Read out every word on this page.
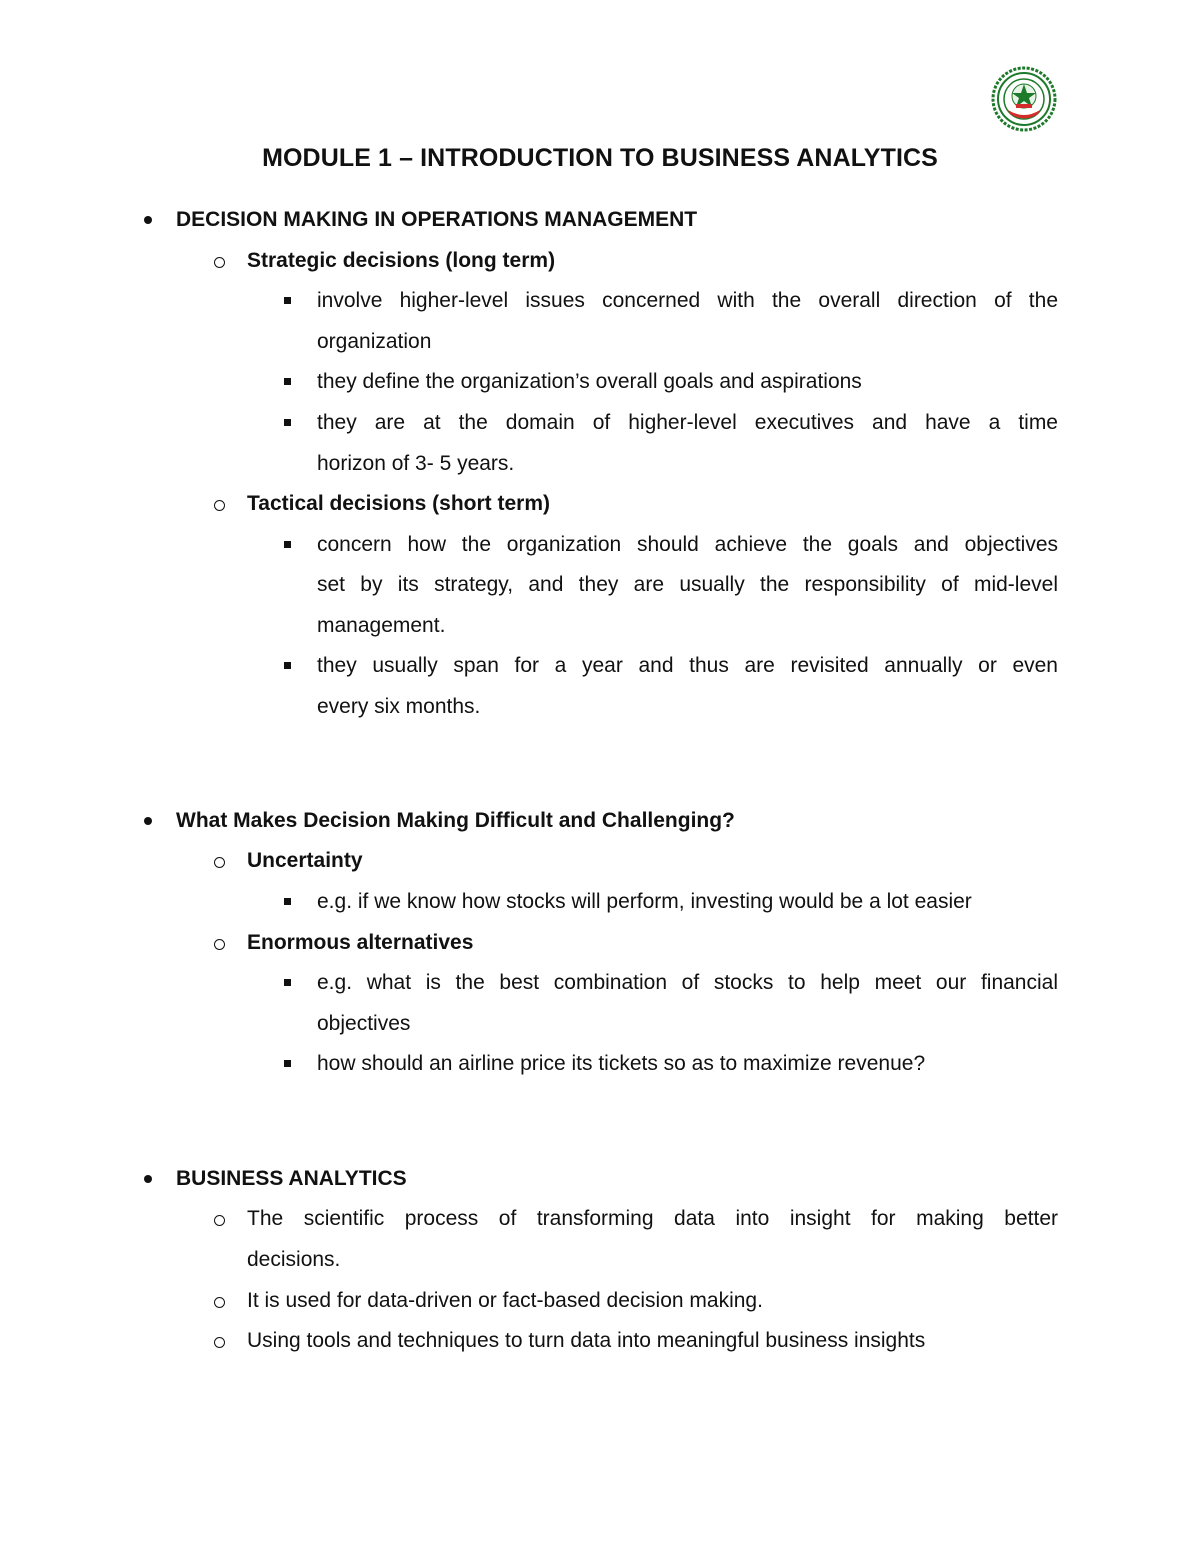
MODULE 1 – INTRODUCTION TO BUSINESS ANALYTICS
DECISION MAKING IN OPERATIONS MANAGEMENT
Strategic decisions (long term)
involve higher-level issues concerned with the overall direction of the
organization
they define the organization’s overall goals and aspirations
they are at the domain of higher-level executives and have a time
horizon of 3- 5 years.
Tactical decisions (short term)
concern how the organization should achieve the goals and objectives
set by its strategy, and they are usually the responsibility of mid-level
management.
they usually span for a year and thus are revisited annually or even
every six months.
What Makes Decision Making Difficult and Challenging?
Uncertainty
e.g. if we know how stocks will perform, investing would be a lot easier
Enormous alternatives
e.g. what is the best combination of stocks to help meet our financial
objectives
how should an airline price its tickets so as to maximize revenue?
BUSINESS ANALYTICS
The scientific process of transforming data into insight for making better
decisions.
It is used for data-driven or fact-based decision making.
Using tools and techniques to turn data into meaningful business insights
